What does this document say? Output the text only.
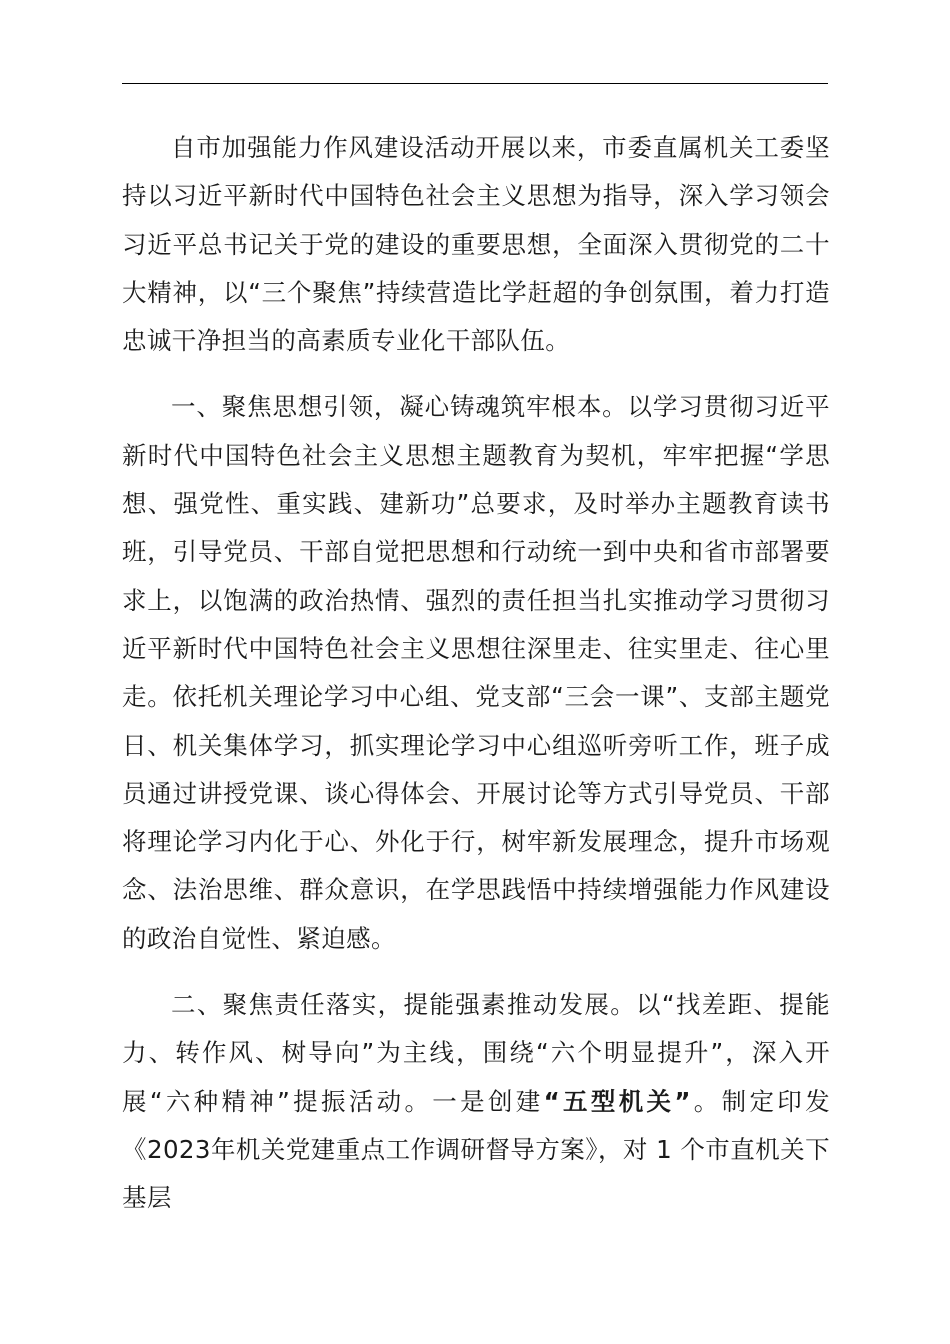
自市加强能力作风建设活动开展以来，市委直属机关工委坚持以习近平新时代中国特色社会主义思想为指导，深入学习领会习近平总书记关于党的建设的重要思想，全面深入贯彻党的二十大精神，以“三个聚焦”持续营造比学赶超的争创氛围，着力打造忠诚干净担当的高素质专业化干部队伍。

一、聚焦思想引领，凝心铸魂筑牢根本。以学习贯彻习近平新时代中国特色社会主义思想主题教育为契机，牢牢把握“学思想、强党性、重实践、建新功”总要求，及时举办主题教育读书班，引导党员、干部自觉把思想和行动统一到中央和省市部署要求上，以饱满的政治热情、强烈的责任担当扎实推动学习贯彻习近平新时代中国特色社会主义思想往深里走、往实里走、往心里走。依托机关理论学习中心组、党支部“三会一课”、支部主题党日、机关集体学习，抓实理论学习中心组巡听旁听工作，班子成员通过讲授党课、谈心得体会、开展讨论等方式引导党员、干部将理论学习内化于心、外化于行，树牢新发展理念，提升市场观念、法治思维、群众意识，在学思践悟中持续增强能力作风建设的政治自觉性、紧迫感。

二、聚焦责任落实，提能强素推动发展。以“找差距、提能力、转作风、树导向”为主线，围绕“六个明显提升”，深入开展“六种精神”提振活动。一是创建“五型机关”。制定印发《2023年机关党建重点工作调研督导方案》，对 1 个市直机关下基层
